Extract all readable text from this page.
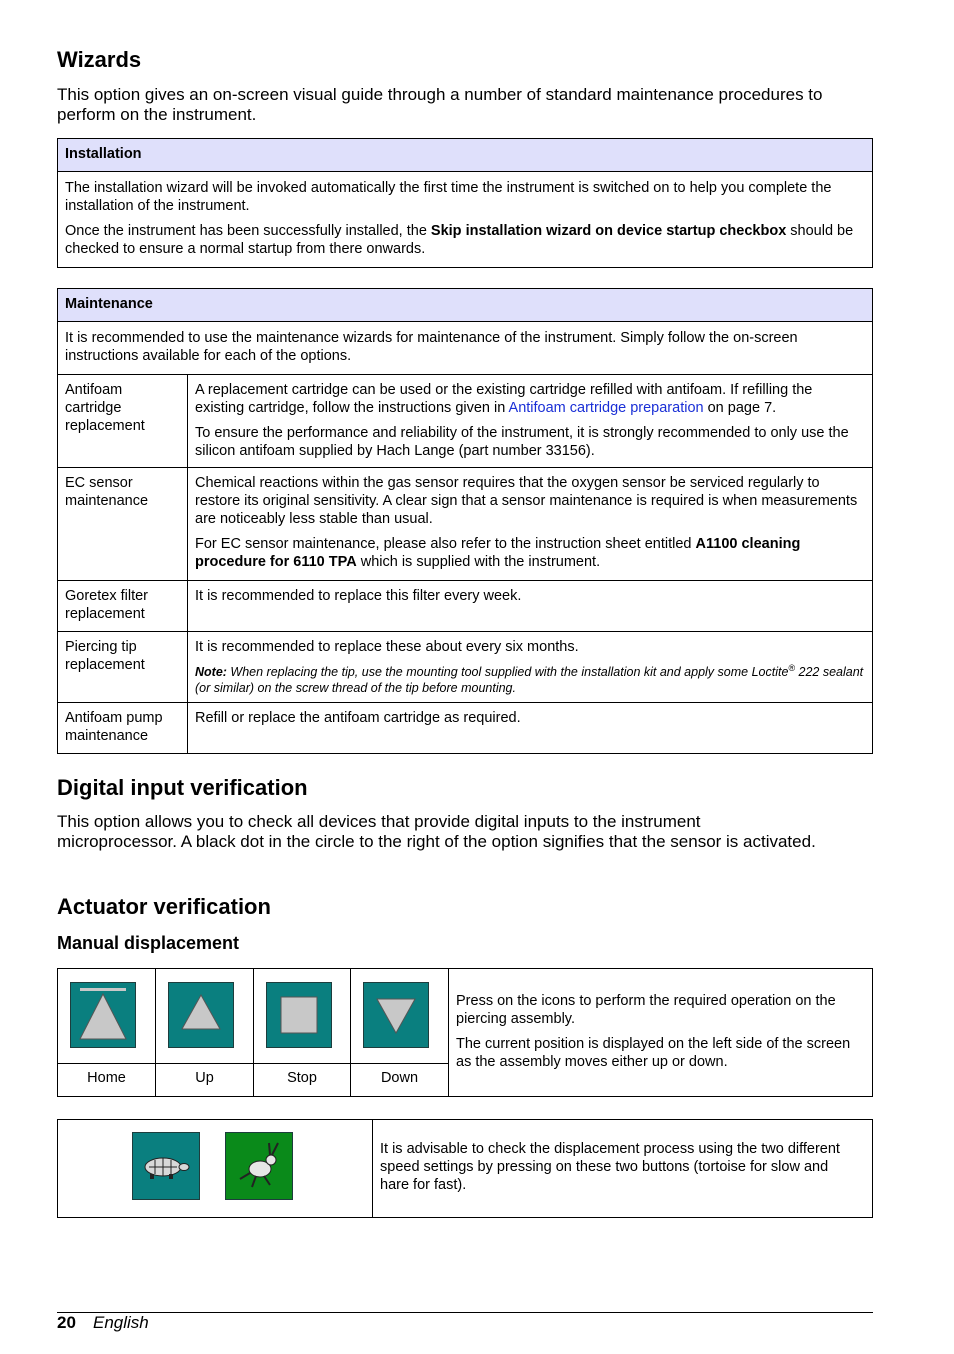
Wizards

This option gives an on-screen visual guide through a number of standard maintenance procedures to perform on the instrument.

Installation

The installation wizard will be invoked automatically the first time the instrument is switched on to help you complete the installation of the instrument.

Once the instrument has been successfully installed, the Skip installation wizard on device startup checkbox should be checked to ensure a normal startup from there onwards.

Maintenance	
It is recommended to use the maintenance wizards for maintenance of the instrument. Simply follow the on-screen instructions available for each of the options.	
Antifoam cartridge replacement	A replacement cartridge can be used or the existing cartridge refilled with antifoam. If refilling the existing cartridge, follow the instructions given in Antifoam cartridge preparation on page 7.

To ensure the performance and reliability of the instrument, it is strongly recommended to only use the silicon antifoam supplied by Hach Lange (part number 33156).

EC sensor maintenance	Chemical reactions within the gas sensor requires that the oxygen sensor be serviced regularly to restore its original sensitivity. A clear sign that a sensor maintenance is required is when measurements are noticeably less stable than usual.

For EC sensor maintenance, please also refer to the instruction sheet entitled A1100 cleaning procedure for 6110 TPA which is supplied with the instrument.

Goretex filter replacement	It is recommended to replace this filter every week.
Piercing tip replacement	It is recommended to replace these about every six months.

Note: When replacing the tip, use the mounting tool supplied with the installation kit and apply some Loctite® 222 sealant (or similar) on the screw thread of the tip before mounting.

Antifoam pump maintenance	Refill or replace the antifoam cartridge as required.
Digital input verification

This option allows you to check all devices that provide digital inputs to the instrument microprocessor. A black dot in the circle to the right of the option signifies that the sensor is activated.

Actuator verification
Manual displacement
Home	Up	Stop	Down

Press on the icons to perform the required operation on the piercing assembly.

The current position is displayed on the left side of the screen as the assembly moves either up or down.

It is advisable to check the displacement process using the two different speed settings by pressing on these two buttons (tortoise for slow and hare for fast).
20 English
